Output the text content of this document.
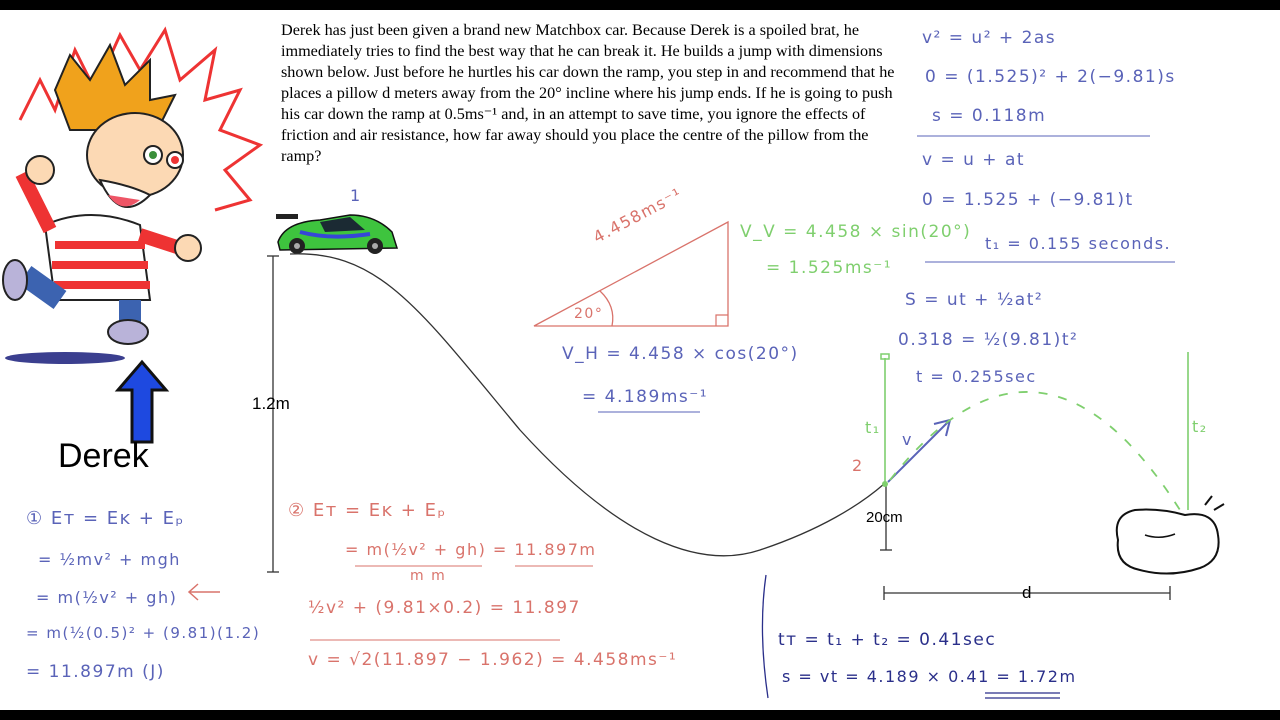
Derek has just been given a brand new Matchbox car. Because Derek is a spoiled brat, he immediately tries to find the best way that he can break it. He builds a jump with dimensions shown below. Just before he hurtles his car down the ramp, you step in and recommend that he places a pillow d meters away from the 20° incline where his jump ends. If he is going to push his car down the ramp at 0.5ms⁻¹ and, in an attempt to save time, you ignore the effects of friction and air resistance, how far away should you place the centre of the pillow from the ramp?

Derek
1.2m
20cm
d
1
2
v
t₁	t₂
4.458ms⁻¹
20°
① Eᴛ = Eᴋ + Eₚ
= ½mv² + mgh
= m(½v² + gh)
= m(½(0.5)² + (9.81)(1.2)
= 11.897m (J)
② Eᴛ = Eᴋ + Eₚ
= m(½v² + gh) = 11.897m
m m
½v² + (9.81×0.2) = 11.897
v = √2(11.897 − 1.962) = 4.458ms⁻¹
V_H = 4.458 × cos(20°)
= 4.189ms⁻¹
V_V = 4.458 × sin(20°)
= 1.525ms⁻¹
v² = u² + 2as
0 = (1.525)² + 2(−9.81)s
s = 0.118m
v = u + at
0 = 1.525 + (−9.81)t
t₁ = 0.155 seconds.
S = ut + ½at²
0.318 = ½(9.81)t²
t = 0.255sec
tᴛ = t₁ + t₂ = 0.41sec
s = vt = 4.189 × 0.41 = 1.72m
